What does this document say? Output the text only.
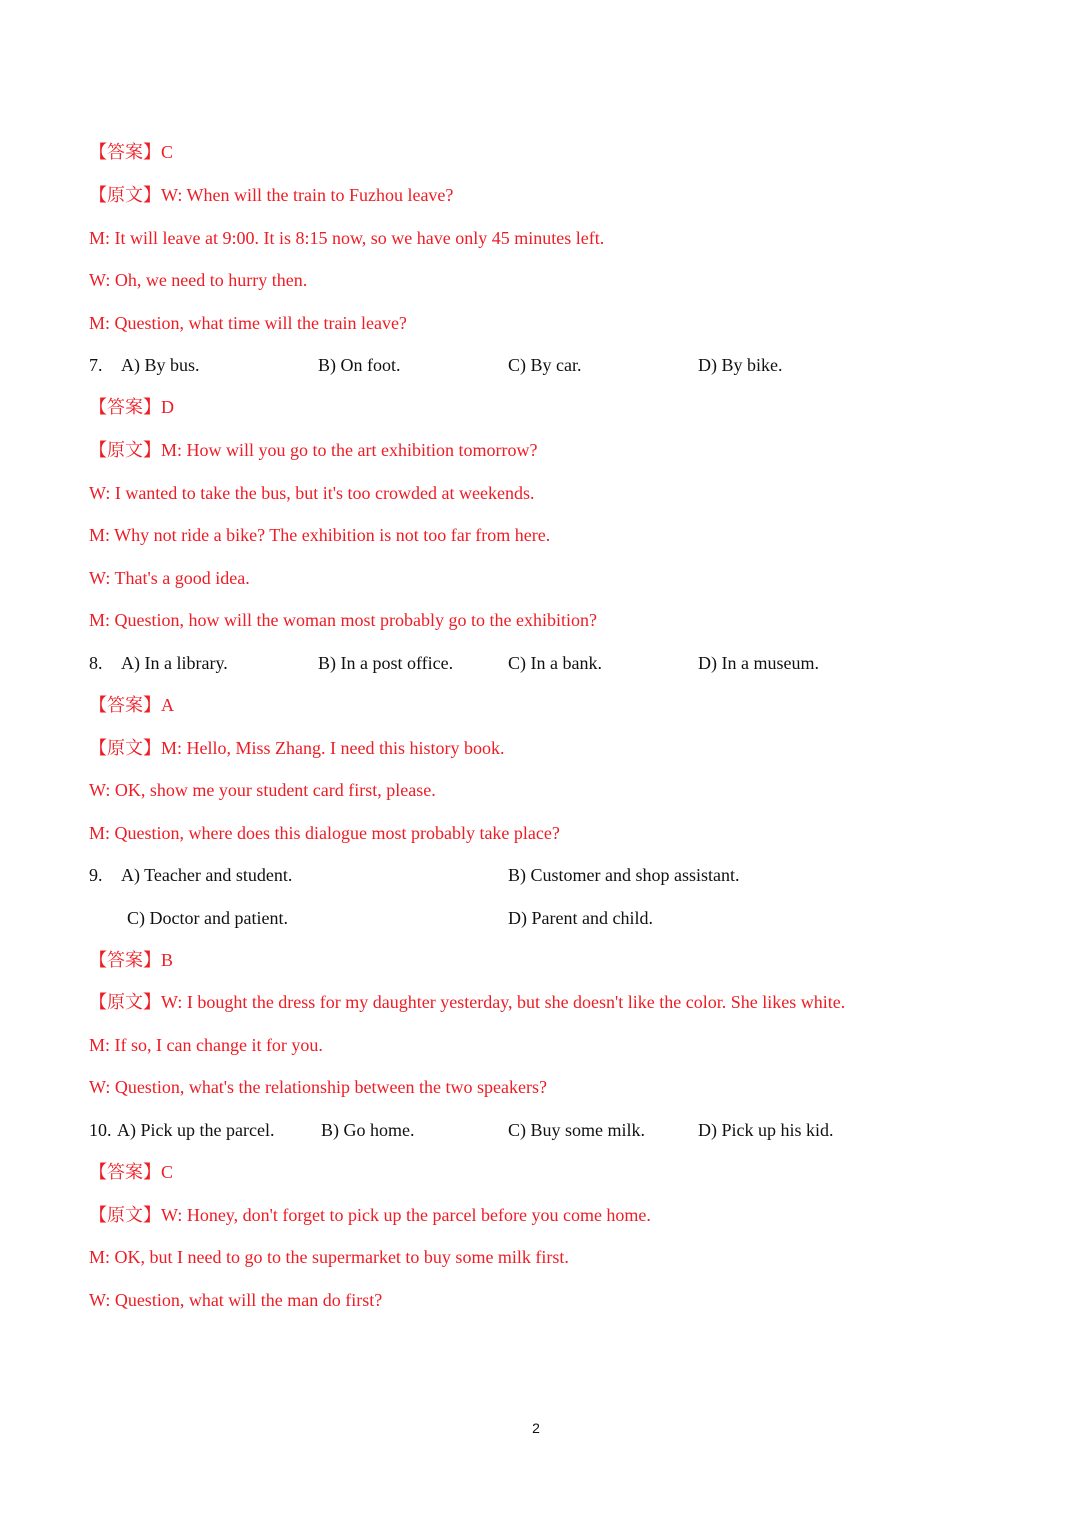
【答案】C
【原文】W: When will the train to Fuzhou leave?
M: It will leave at 9:00. It is 8:15 now, so we have only 45 minutes left.
W: Oh, we need to hurry then.
M: Question, what time will the train leave?
7. A) By bus.	B) On foot.	C) By car.	D) By bike.
【答案】D
【原文】M: How will you go to the art exhibition tomorrow?
W: I wanted to take the bus, but it's too crowded at weekends.
M: Why not ride a bike? The exhibition is not too far from here.
W: That's a good idea.
M: Question, how will the woman most probably go to the exhibition?
8. A) In a library.	B) In a post office.	C) In a bank.	D) In a museum.
【答案】A
【原文】M: Hello, Miss Zhang. I need this history book.
W: OK, show me your student card first, please.
M: Question, where does this dialogue most probably take place?
9. A) Teacher and student.	B) Customer and shop assistant.
C) Doctor and patient.	D) Parent and child.
【答案】B
【原文】W: I bought the dress for my daughter yesterday, but she doesn't like the color. She likes white.
M: If so, I can change it for you.
W: Question, what's the relationship between the two speakers?
10. A) Pick up the parcel.	B) Go home.	C) Buy some milk.	D) Pick up his kid.
【答案】C
【原文】W: Honey, don't forget to pick up the parcel before you come home.
M: OK, but I need to go to the supermarket to buy some milk first.
W: Question, what will the man do first?
2
